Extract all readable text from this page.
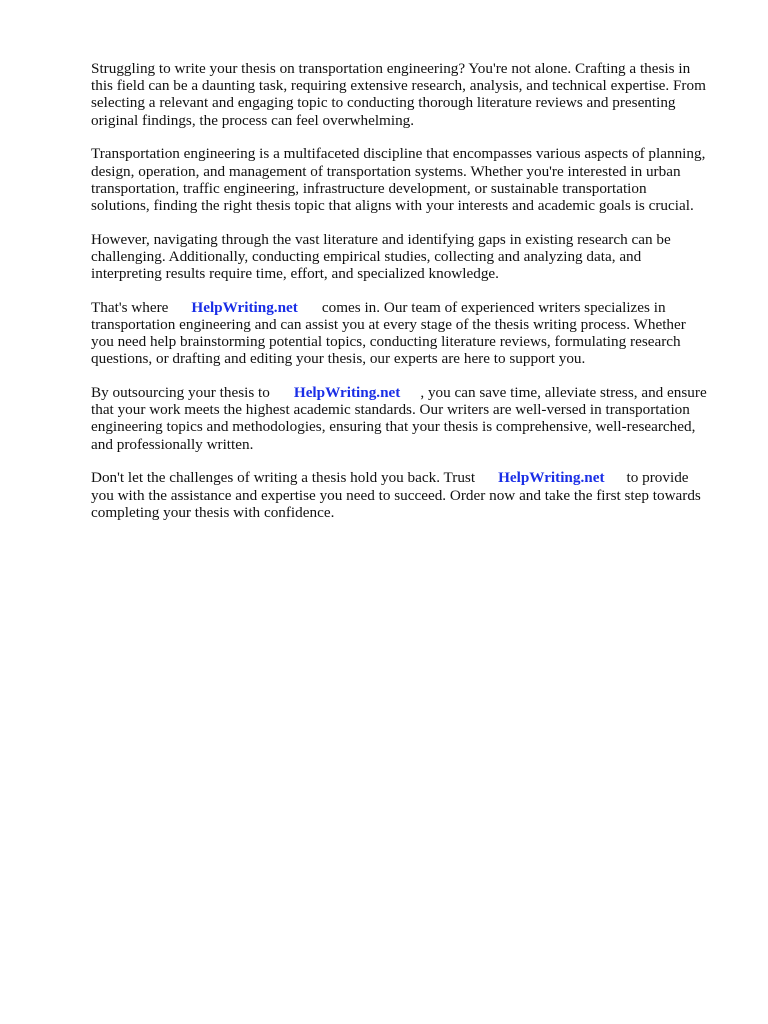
Struggling to write your thesis on transportation engineering? You're not alone. Crafting a thesis in
this field can be a daunting task, requiring extensive research, analysis, and technical expertise. From
selecting a relevant and engaging topic to conducting thorough literature reviews and presenting
original findings, the process can feel overwhelming.

Transportation engineering is a multifaceted discipline that encompasses various aspects of planning,
design, operation, and management of transportation systems. Whether you're interested in urban
transportation, traffic engineering, infrastructure development, or sustainable transportation
solutions, finding the right thesis topic that aligns with your interests and academic goals is crucial.

However, navigating through the vast literature and identifying gaps in existing research can be
challenging. Additionally, conducting empirical studies, collecting and analyzing data, and
interpreting results require time, effort, and specialized knowledge.

That's where HelpWriting.net comes in. Our team of experienced writers specializes in
transportation engineering and can assist you at every stage of the thesis writing process. Whether
you need help brainstorming potential topics, conducting literature reviews, formulating research
questions, or drafting and editing your thesis, our experts are here to support you.

By outsourcing your thesis to HelpWriting.net , you can save time, alleviate stress, and ensure
that your work meets the highest academic standards. Our writers are well-versed in transportation
engineering topics and methodologies, ensuring that your thesis is comprehensive, well-researched,
and professionally written.

Don't let the challenges of writing a thesis hold you back. Trust HelpWriting.net to provide
you with the assistance and expertise you need to succeed. Order now and take the first step towards
completing your thesis with confidence.
